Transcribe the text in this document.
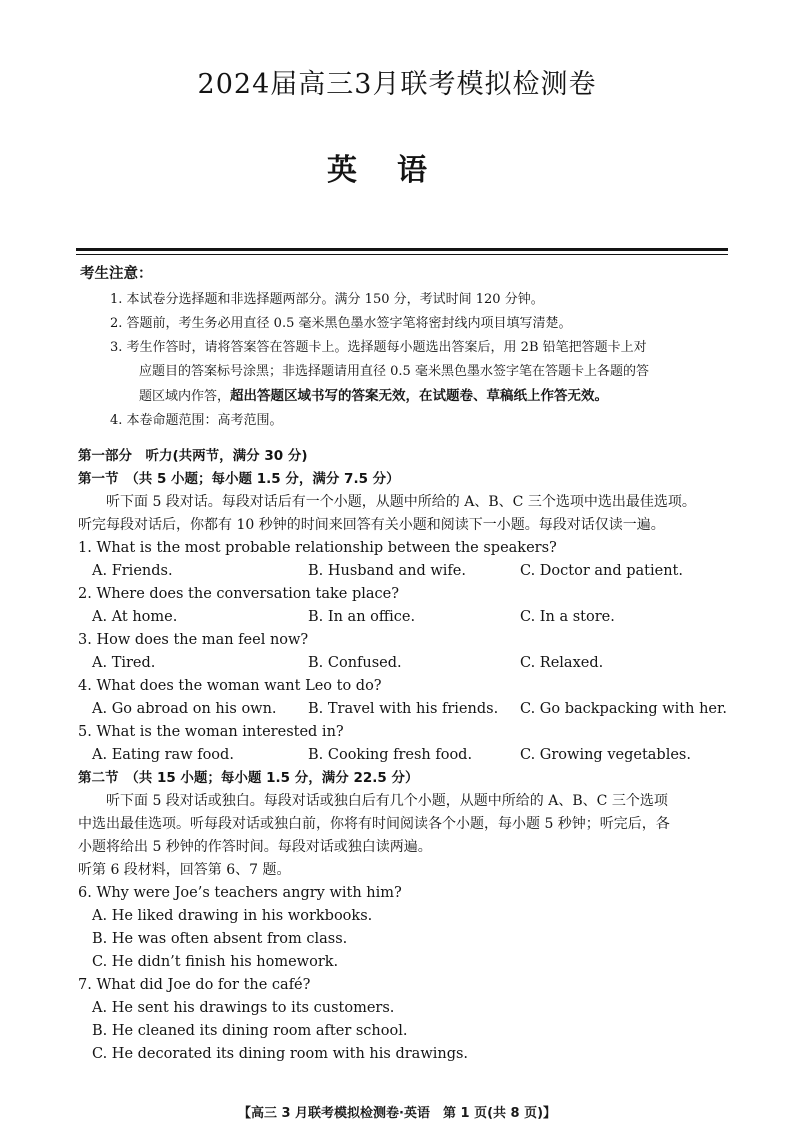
2024届高三3月联考模拟检测卷
英语
考生注意：
1. 本试卷分选择题和非选择题两部分。满分 150 分，考试时间 120 分钟。
2. 答题前，考生务必用直径 0.5 毫米黑色墨水签字笔将密封线内项目填写清楚。
3. 考生作答时，请将答案答在答题卡上。选择题每小题选出答案后，用 2B 铅笔把答题卡上对
应题目的答案标号涂黑；非选择题请用直径 0.5 毫米黑色墨水签字笔在答题卡上各题的答
题区域内作答，超出答题区域书写的答案无效，在试题卷、草稿纸上作答无效。
4. 本卷命题范围：高考范围。
第一部分　听力(共两节，满分 30 分)
第一节　（共 5 小题；每小题 1.5 分，满分 7.5 分）
听下面 5 段对话。每段对话后有一个小题，从题中所给的 A、B、C 三个选项中选出最佳选项。
听完每段对话后，你都有 10 秒钟的时间来回答有关小题和阅读下一小题。每段对话仅读一遍。
1. What is the most probable relationship between the speakers?
A. Friends.	B. Husband and wife.	C. Doctor and patient.
2. Where does the conversation take place?
A. At home.	B. In an office.	C. In a store.
3. How does the man feel now?
A. Tired.	B. Confused.	C. Relaxed.
4. What does the woman want Leo to do?
A. Go abroad on his own.	B. Travel with his friends.	C. Go backpacking with her.
5. What is the woman interested in?
A. Eating raw food.	B. Cooking fresh food.	C. Growing vegetables.
第二节　（共 15 小题；每小题 1.5 分，满分 22.5 分）
听下面 5 段对话或独白。每段对话或独白后有几个小题，从题中所给的 A、B、C 三个选项
中选出最佳选项。听每段对话或独白前，你将有时间阅读各个小题，每小题 5 秒钟；听完后，各
小题将给出 5 秒钟的作答时间。每段对话或独白读两遍。
听第 6 段材料，回答第 6、7 题。
6. Why were Joe’s teachers angry with him?
A. He liked drawing in his workbooks.
B. He was often absent from class.
C. He didn’t finish his homework.
7. What did Joe do for the café?
A. He sent his drawings to its customers.
B. He cleaned its dining room after school.
C. He decorated its dining room with his drawings.
【高三 3 月联考模拟检测卷·英语　第 1 页(共 8 页)】
